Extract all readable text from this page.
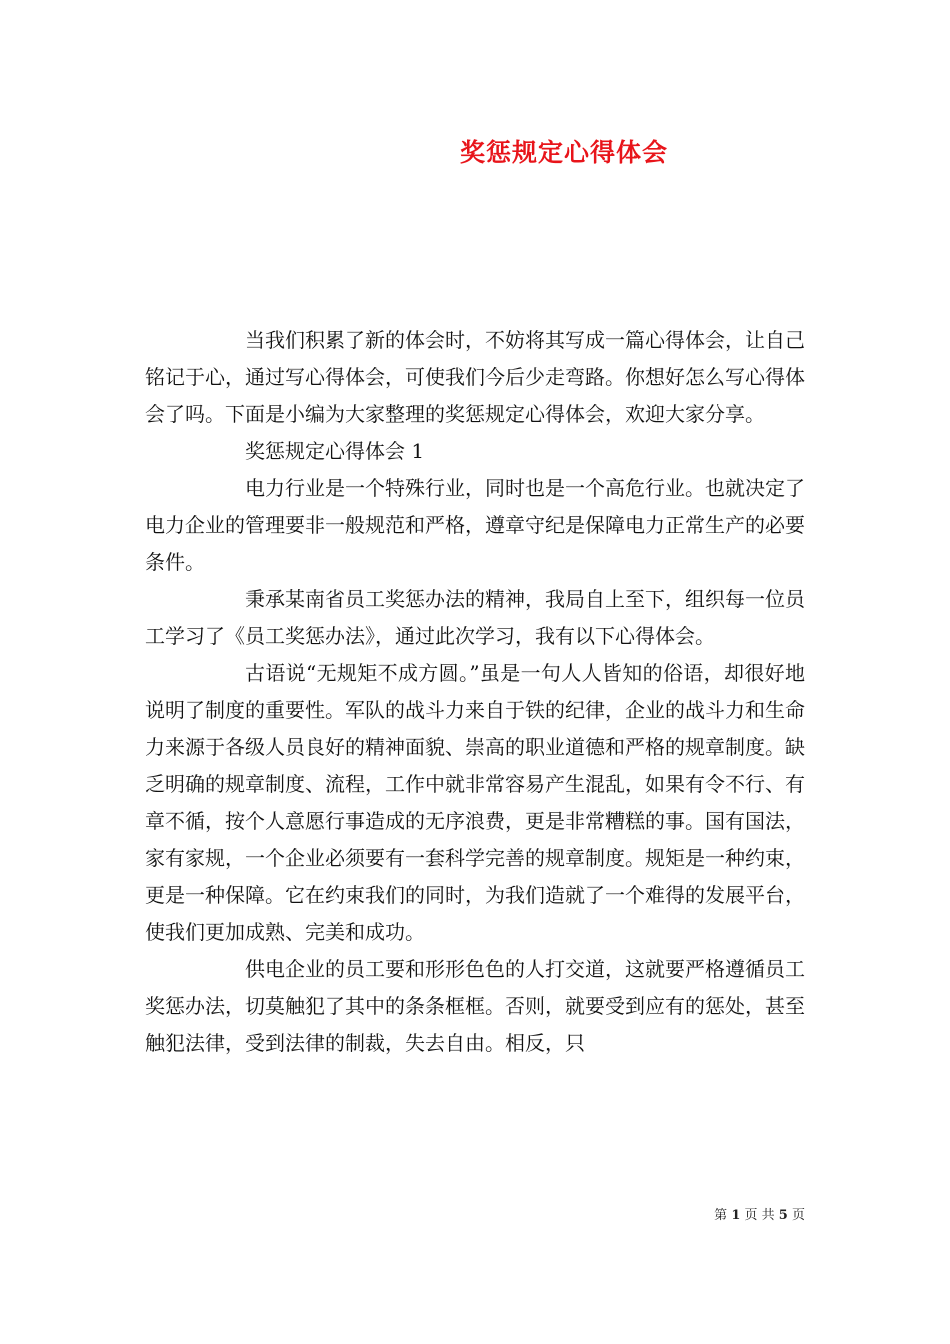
奖惩规定心得体会

当我们积累了新的体会时，不妨将其写成一篇心得体会，让自己铭记于心，通过写心得体会，可使我们今后少走弯路。你想好怎么写心得体会了吗。下面是小编为大家整理的奖惩规定心得体会，欢迎大家分享。

奖惩规定心得体会 1

电力行业是一个特殊行业，同时也是一个高危行业。也就决定了电力企业的管理要非一般规范和严格，遵章守纪是保障电力正常生产的必要条件。

秉承某南省员工奖惩办法的精神，我局自上至下，组织每一位员工学习了《员工奖惩办法》，通过此次学习，我有以下心得体会。

古语说“无规矩不成方圆。”虽是一句人人皆知的俗语，却很好地说明了制度的重要性。军队的战斗力来自于铁的纪律，企业的战斗力和生命力来源于各级人员良好的精神面貌、崇高的职业道德和严格的规章制度。缺乏明确的规章制度、流程，工作中就非常容易产生混乱，如果有令不行、有章不循，按个人意愿行事造成的无序浪费，更是非常糟糕的事。国有国法，家有家规，一个企业必须要有一套科学完善的规章制度。规矩是一种约束，更是一种保障。它在约束我们的同时，为我们造就了一个难得的发展平台，使我们更加成熟、完美和成功。

供电企业的员工要和形形色色的人打交道，这就要严格遵循员工奖惩办法，切莫触犯了其中的条条框框。否则，就要受到应有的惩处，甚至触犯法律，受到法律的制裁，失去自由。相反，只

第 1 页 共 5 页
